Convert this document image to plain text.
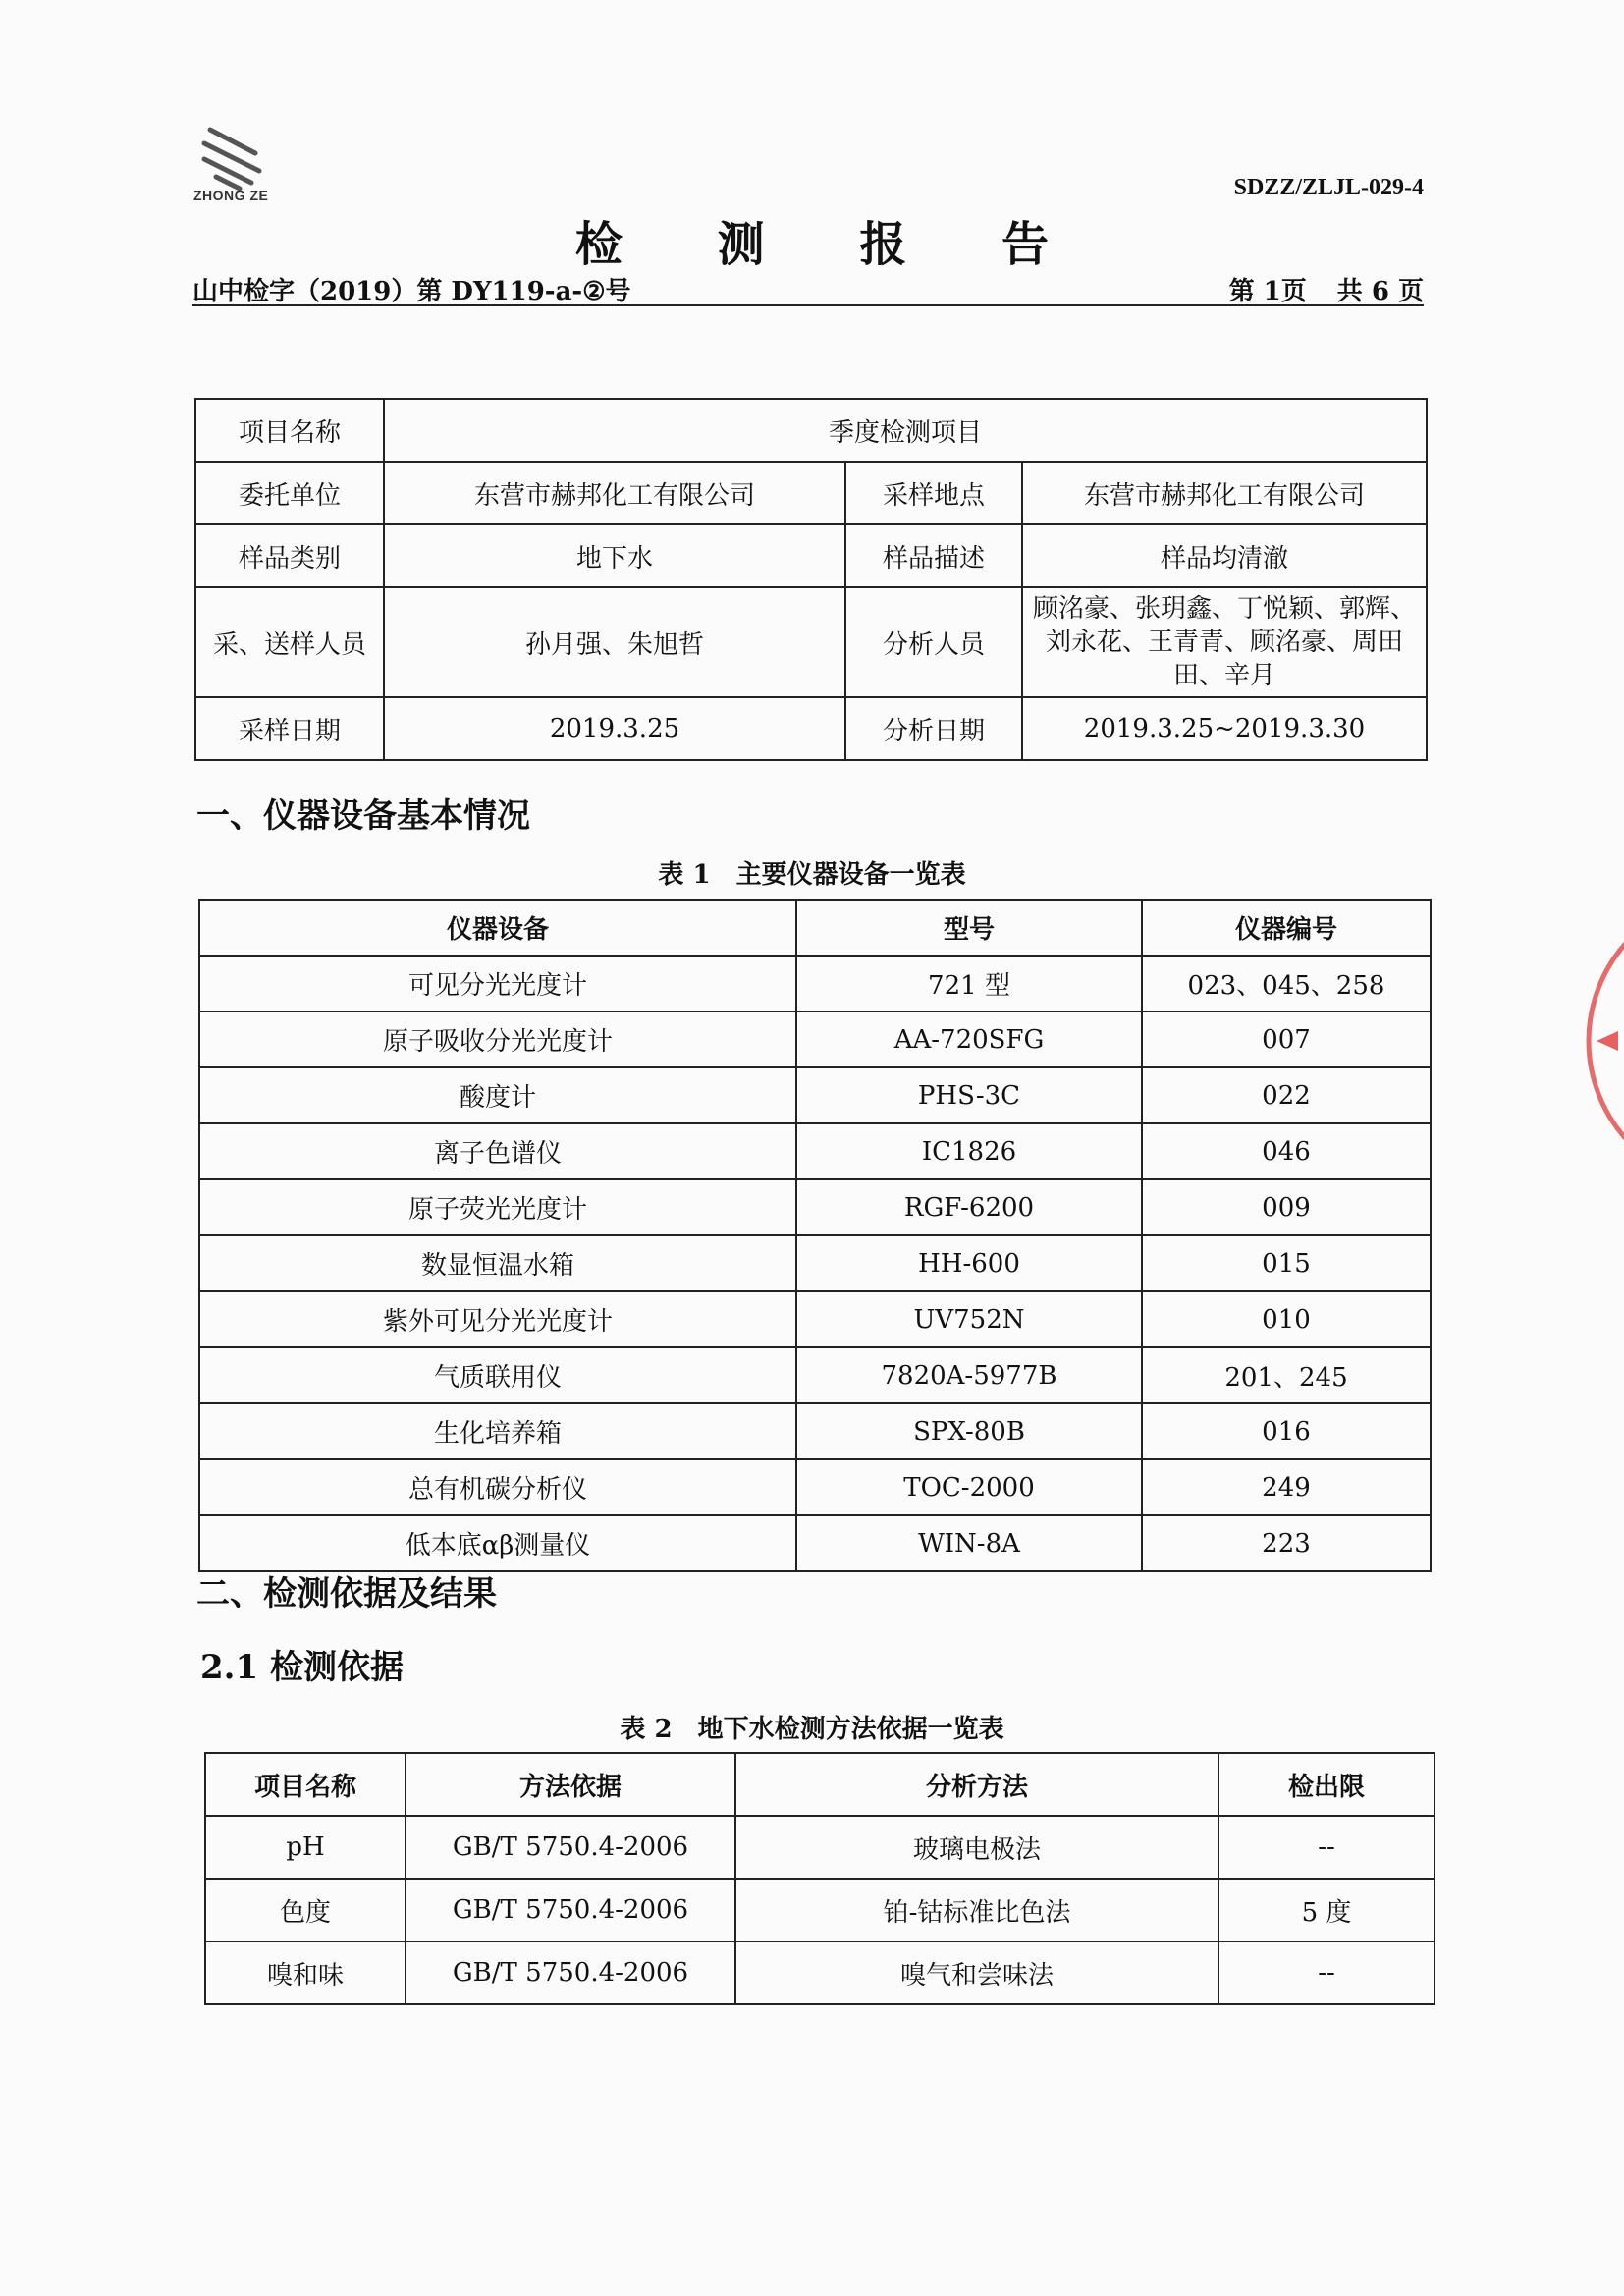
ZHONG ZE	SDZZ/ZLJL-029-4
检 测 报 告
山中检字（2019）第 DY119-a-②号	第 1页 共 6 页
项目名称	季度检测项目		
委托单位	东营市赫邦化工有限公司	采样地点	东营市赫邦化工有限公司
样品类别	地下水	样品描述	样品均清澈
采、送样人员	孙月强、朱旭哲	分析人员	顾洺豪、张玥鑫、丁悦颖、郭辉、刘永花、王青青、顾洺豪、周田田、辛月
采样日期	2019.3.25	分析日期	2019.3.25~2019.3.30
一、仪器设备基本情况
表 1　主要仪器设备一览表
仪器设备	型号	仪器编号
可见分光光度计	721 型	023、045、258
原子吸收分光光度计	AA-720SFG	007
酸度计	PHS-3C	022
离子色谱仪	IC1826	046
原子荧光光度计	RGF-6200	009
数显恒温水箱	HH-600	015
紫外可见分光光度计	UV752N	010
气质联用仪	7820A-5977B	201、245
生化培养箱	SPX-80B	016
总有机碳分析仪	TOC-2000	249
低本底αβ测量仪	WIN-8A	223
二、检测依据及结果
2.1 检测依据
表 2　地下水检测方法依据一览表
项目名称	方法依据	分析方法	检出限
pH	GB/T 5750.4-2006	玻璃电极法	--
色度	GB/T 5750.4-2006	铂-钴标准比色法	5 度
嗅和味	GB/T 5750.4-2006	嗅气和尝味法	--
